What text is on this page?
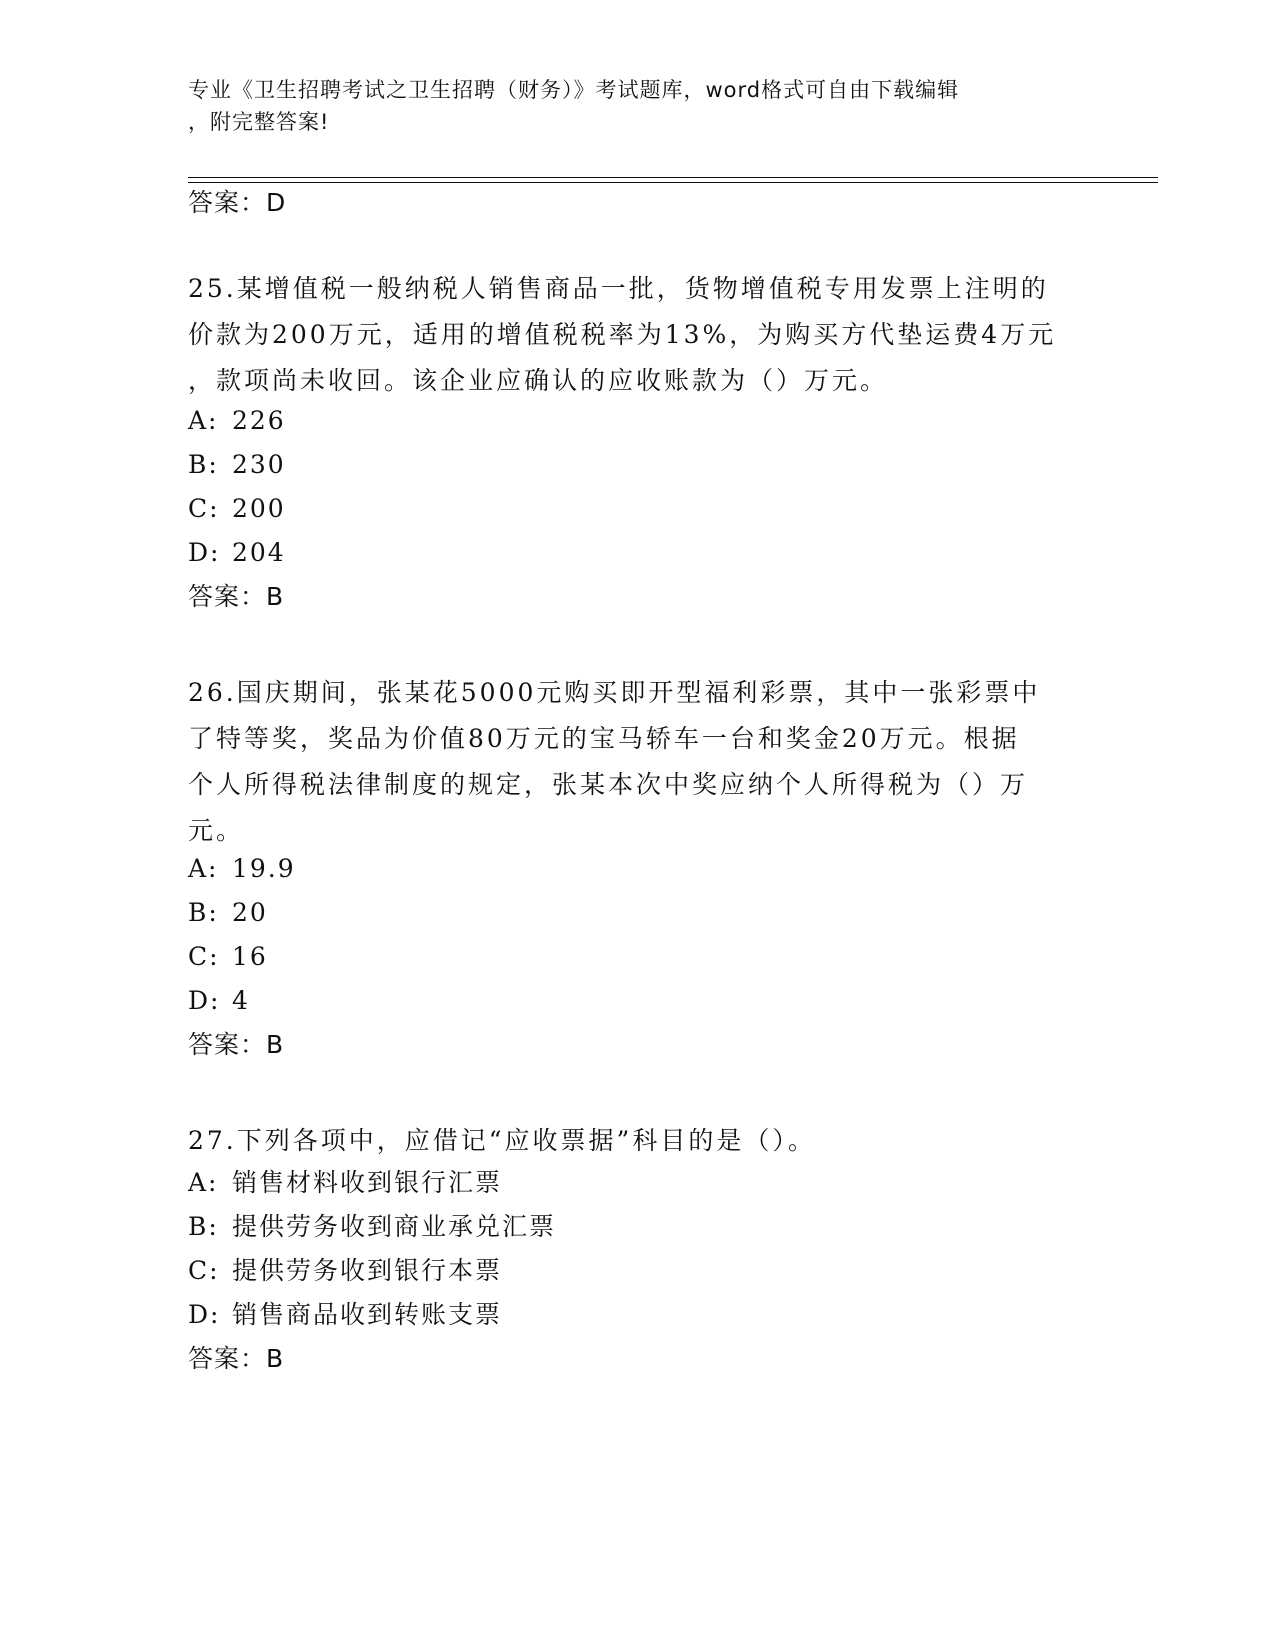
专业《卫生招聘考试之卫生招聘（财务）》考试题库，word格式可自由下载编辑
，附完整答案!
答案：D
25.某增值税一般纳税人销售商品一批，货物增值税专用发票上注明的
价款为200万元，适用的增值税税率为13%，为购买方代垫运费4万元
，款项尚未收回。该企业应确认的应收账款为（）万元。
A: 226
B: 230
C: 200
D: 204
答案：B
26.国庆期间，张某花5000元购买即开型福利彩票，其中一张彩票中
了特等奖，奖品为价值80万元的宝马轿车一台和奖金20万元。根据
个人所得税法律制度的规定，张某本次中奖应纳个人所得税为（）万
元。
A: 19.9
B: 20
C: 16
D: 4
答案：B
27.下列各项中，应借记“应收票据”科目的是（）。
A: 销售材料收到银行汇票
B: 提供劳务收到商业承兑汇票
C: 提供劳务收到银行本票
D: 销售商品收到转账支票
答案：B
